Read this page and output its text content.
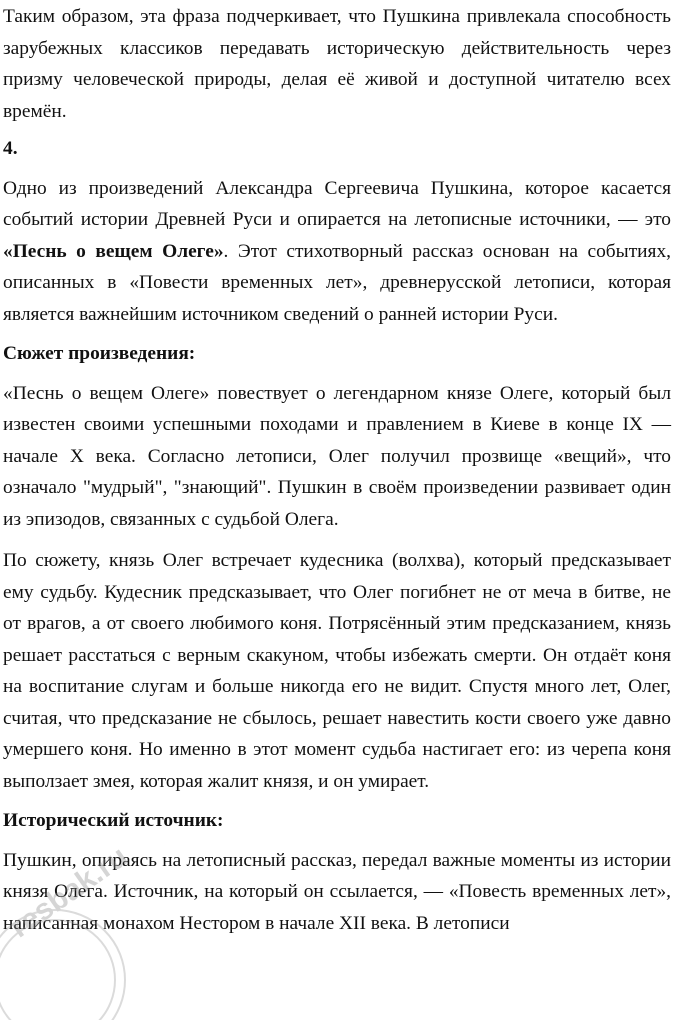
Таким образом, эта фраза подчеркивает, что Пушкина привлекала способность зарубежных классиков передавать историческую действительность через призму человеческой природы, делая её живой и доступной читателю всех времён.

4.

Одно из произведений Александра Сергеевича Пушкина, которое касается событий истории Древней Руси и опирается на летописные источники, — это «Песнь о вещем Олеге». Этот стихотворный рассказ основан на событиях, описанных в «Повести временных лет», древнерусской летописи, которая является важнейшим источником сведений о ранней истории Руси.

Сюжет произведения:

«Песнь о вещем Олеге» повествует о легендарном князе Олеге, который был известен своими успешными походами и правлением в Киеве в конце IX — начале X века. Согласно летописи, Олег получил прозвище «вещий», что означало "мудрый", "знающий". Пушкин в своём произведении развивает один из эпизодов, связанных с судьбой Олега.

По сюжету, князь Олег встречает кудесника (волхва), который предсказывает ему судьбу. Кудесник предсказывает, что Олег погибнет не от меча в битве, не от врагов, а от своего любимого коня. Потрясённый этим предсказанием, князь решает расстаться с верным скакуном, чтобы избежать смерти. Он отдаёт коня на воспитание слугам и больше никогда его не видит. Спустя много лет, Олег, считая, что предсказание не сбылось, решает навестить кости своего уже давно умершего коня. Но именно в этот момент судьба настигает его: из черепа коня выползает змея, которая жалит князя, и он умирает.

Исторический источник:

Пушкин, опираясь на летописный рассказ, передал важные моменты из истории князя Олега. Источник, на который он ссылается, — «Повесть временных лет», написанная монахом Нестором в начале XII века. В летописи

resbak.ru
